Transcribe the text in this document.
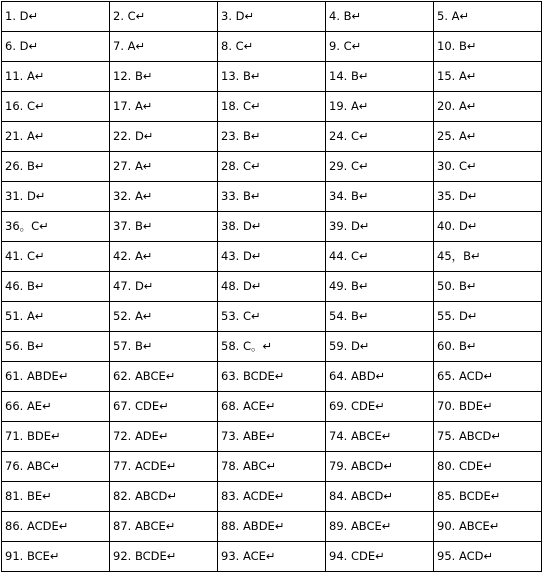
1. D↵	2. C↵	3. D↵	4. B↵	5. A↵
6. D↵	7. A↵	8. C↵	9. C↵	10. B↵
11. A↵	12. B↵	13. B↵	14. B↵	15. A↵
16. C↵	17. A↵	18. C↵	19. A↵	20. A↵
21. A↵	22. D↵	23. B↵	24. C↵	25. A↵
26. B↵	27. A↵	28. C↵	29. C↵	30. C↵
31. D↵	32. A↵	33. B↵	34. B↵	35. D↵
36。C↵	37. B↵	38. D↵	39. D↵	40. D↵
41. C↵	42. A↵	43. D↵	44. C↵	45，B↵
46. B↵	47. D↵	48. D↵	49. B↵	50. B↵
51. A↵	52. A↵	53. C↵	54. B↵	55. D↵
56. B↵	57. B↵	58. C。↵	59. D↵	60. B↵
61. ABDE↵	62. ABCE↵	63. BCDE↵	64. ABD↵	65. ACD↵
66. AE↵	67. CDE↵	68. ACE↵	69. CDE↵	70. BDE↵
71. BDE↵	72. ADE↵	73. ABE↵	74. ABCE↵	75. ABCD↵
76. ABC↵	77. ACDE↵	78. ABC↵	79. ABCD↵	80. CDE↵
81. BE↵	82. ABCD↵	83. ACDE↵	84. ABCD↵	85. BCDE↵
86. ACDE↵	87. ABCE↵	88. ABDE↵	89. ABCE↵	90. ABCE↵
91. BCE↵	92. BCDE↵	93. ACE↵	94. CDE↵	95. ACD↵
